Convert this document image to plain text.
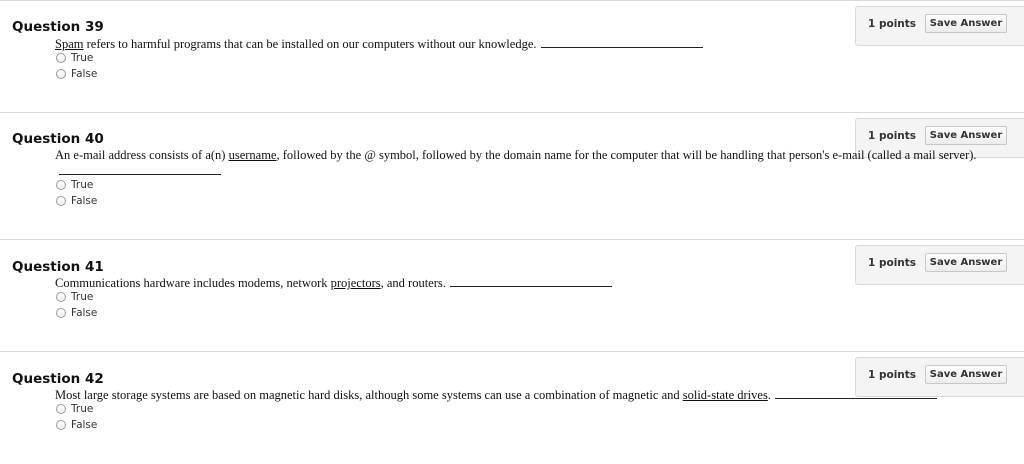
1 points	Save Answer
Question 39
Spam refers to harmful programs that can be installed on our computers without our knowledge.
True
False
1 points	Save Answer
Question 40
An e-mail address consists of a(n) username, followed by the @ symbol, followed by the domain name for the computer that will be handling that person's e-mail (called a mail server).
True
False
1 points	Save Answer
Question 41
Communications hardware includes modems, network projectors, and routers.
True
False
1 points	Save Answer
Question 42
Most large storage systems are based on magnetic hard disks, although some systems can use a combination of magnetic and solid-state drives.
True
False
